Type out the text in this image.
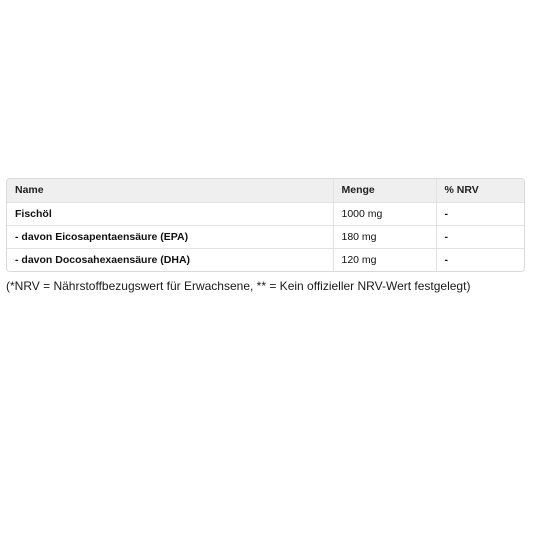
Name	Menge	% NRV
Fischöl	1000 mg	-
- davon Eicosapentaensäure (EPA)	180 mg	-
- davon Docosahexaensäure (DHA)	120 mg	-
(*NRV = Nährstoffbezugswert für Erwachsene, ** = Kein offizieller NRV-Wert festgelegt)
